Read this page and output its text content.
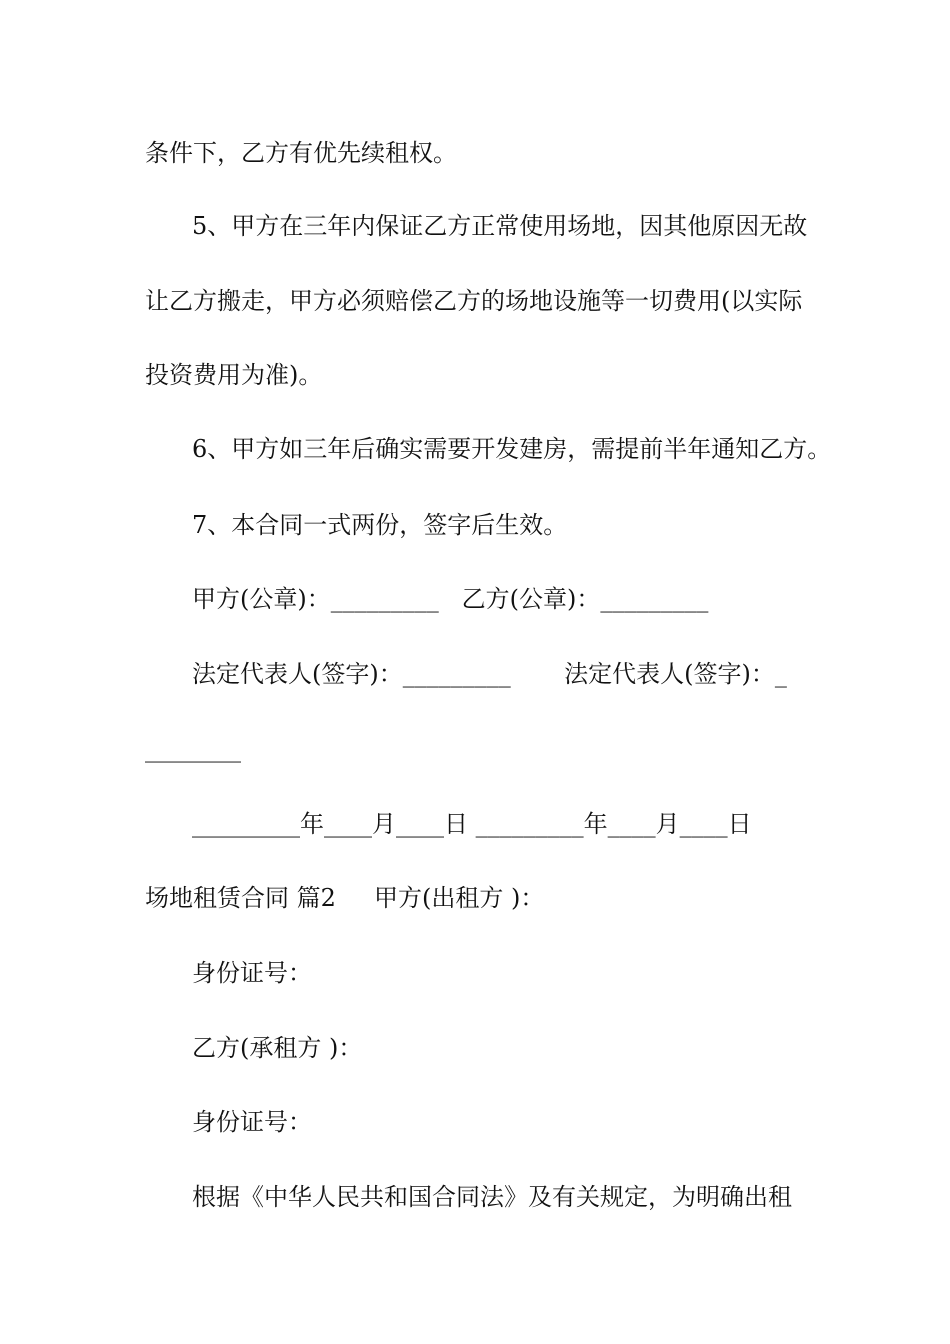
条件下，乙方有优先续租权。
5、甲方在三年内保证乙方正常使用场地，因其他原因无故
让乙方搬走，甲方必须赔偿乙方的场地设施等一切费用(以实际
投资费用为准)。
6、甲方如三年后确实需要开发建房，需提前半年通知乙方。
7、本合同一式两份，签字后生效。
甲方(公章)：_________   乙方(公章)：_________
法定代表人(签字)：_________       法定代表人(签字)：_
________
_________年____月____日 _________年____月____日
场地租赁合同 篇2     甲方(出租方 )：
身份证号：
乙方(承租方 )：
身份证号：
根据《中华人民共和国合同法》及有关规定，为明确出租
